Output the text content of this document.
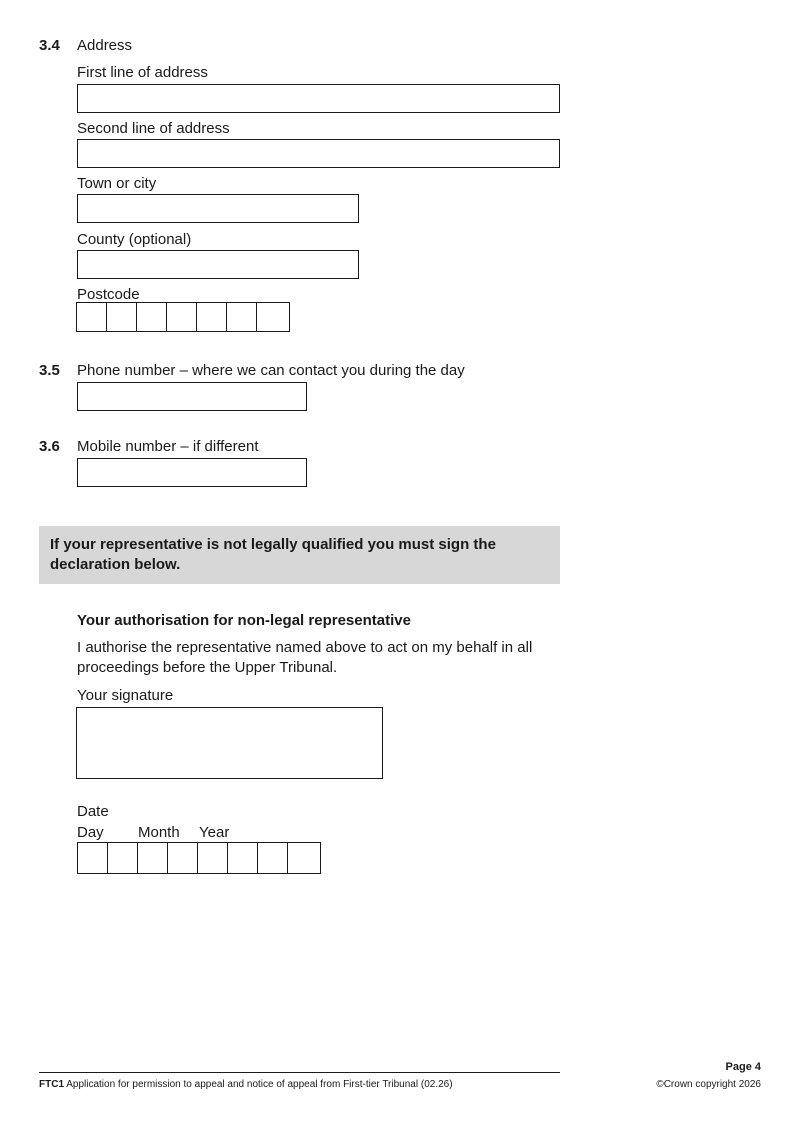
3.4 Address
First line of address
Second line of address
Town or city
County (optional)
Postcode
3.5 Phone number – where we can contact you during the day
3.6 Mobile number – if different
If your representative is not legally qualified you must sign the declaration below.
Your authorisation for non-legal representative
I authorise the representative named above to act on my behalf in all proceedings before the Upper Tribunal.
Your signature
Date
Day Month Year
FTC1 Application for permission to appeal and notice of appeal from First-tier Tribunal (02.26)
Page 4
©Crown copyright 2026
